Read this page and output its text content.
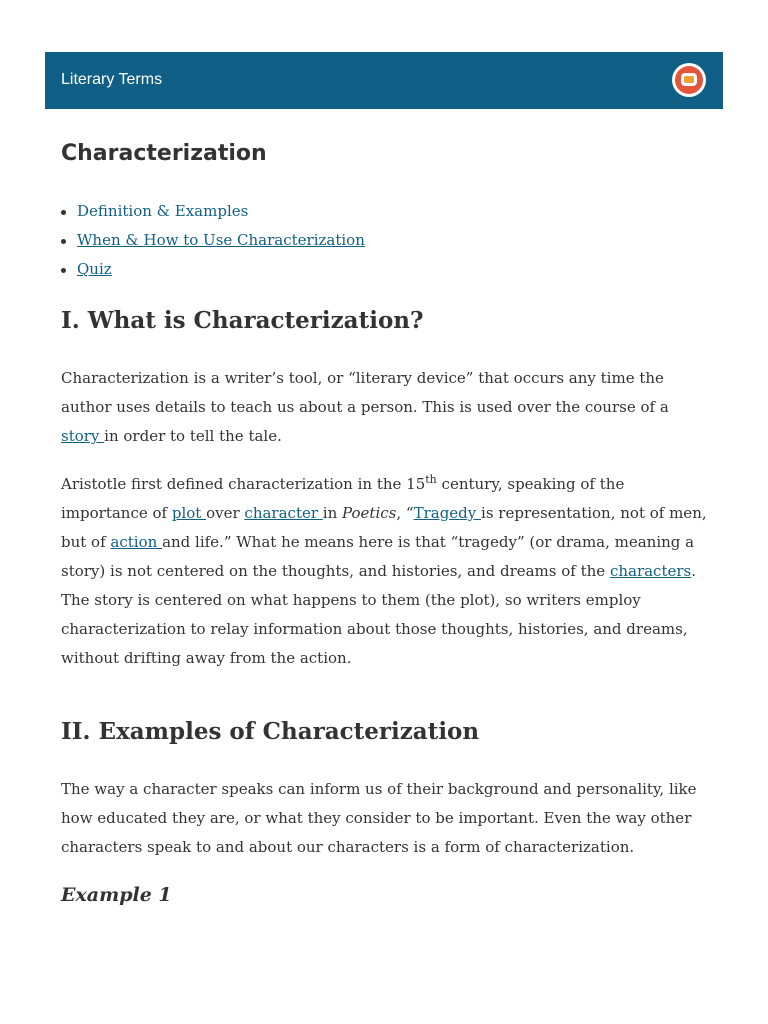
Literary Terms
Characterization
Definition & Examples
When & How to Use Characterization
Quiz
I. What is Characterization?

Characterization is a writer’s tool, or “literary device” that occurs any time the author uses details to teach us about a person. This is used over the course of a story in order to tell the tale.

Aristotle first defined characterization in the 15th century, speaking of the importance of plot over character in Poetics, “Tragedy is representation, not of men, but of action and life.” What he means here is that “tragedy” (or drama, meaning a story) is not centered on the thoughts, and histories, and dreams of the characters. The story is centered on what happens to them (the plot), so writers employ characterization to relay information about those thoughts, histories, and dreams, without drifting away from the action.

II. Examples of Characterization

The way a character speaks can inform us of their background and personality, like how educated they are, or what they consider to be important. Even the way other characters speak to and about our characters is a form of characterization.

Example 1
